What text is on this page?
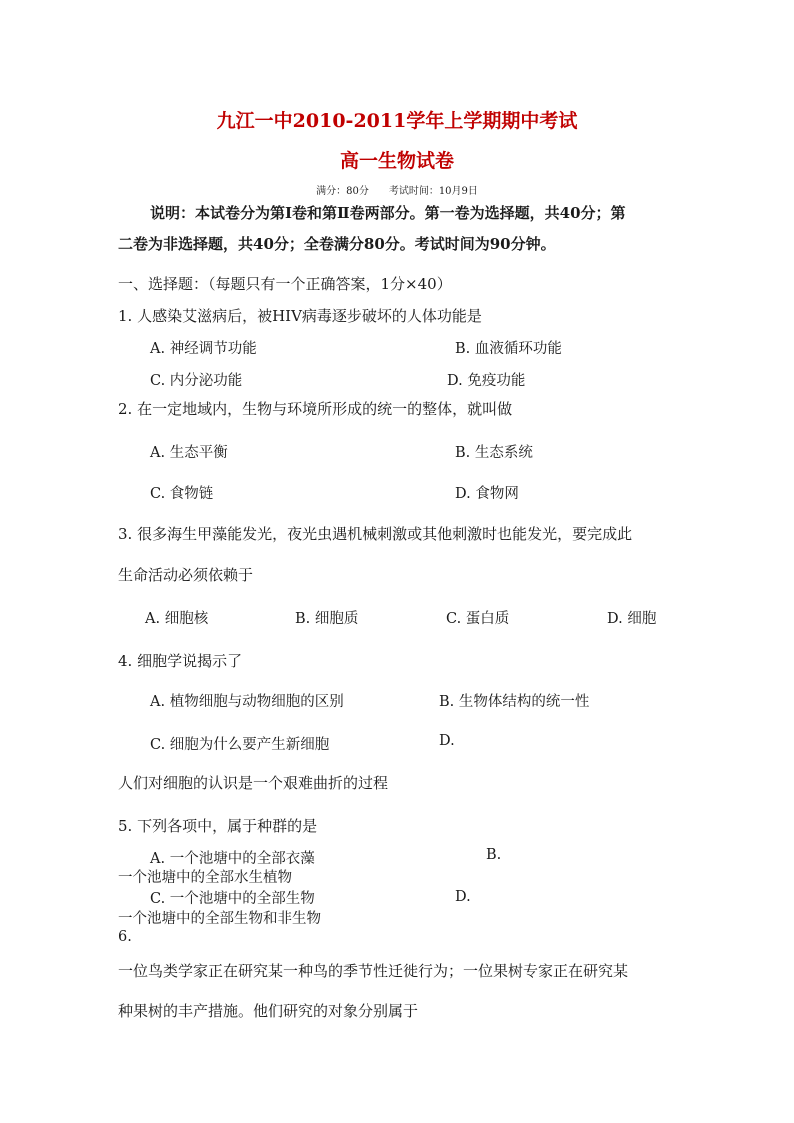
九江一中2010-2011学年上学期期中考试
高一生物试卷
满分：80分　　考试时间：10月9日
说明：本试卷分为第Ⅰ卷和第Ⅱ卷两部分。第一卷为选择题，共40分；第
二卷为非选择题，共40分；全卷满分80分。考试时间为90分钟。
一、选择题：（每题只有一个正确答案，1分×40）
1. 人感染艾滋病后，被HIV病毒逐步破坏的人体功能是
A. 神经调节功能	B. 血液循环功能
C. 内分泌功能	D. 免疫功能
2. 在一定地域内，生物与环境所形成的统一的整体，就叫做
A. 生态平衡	B. 生态系统
C. 食物链	D. 食物网
3. 很多海生甲藻能发光，夜光虫遇机械刺激或其他刺激时也能发光，要完成此
生命活动必须依赖于
A. 细胞核	B. 细胞质	C. 蛋白质	D. 细胞
4. 细胞学说揭示了
A. 植物细胞与动物细胞的区别	B. 生物体结构的统一性
C. 细胞为什么要产生新细胞	D.
人们对细胞的认识是一个艰难曲折的过程
5. 下列各项中，属于种群的是
A. 一个池塘中的全部衣藻	B.
一个池塘中的全部水生植物
C. 一个池塘中的全部生物	D.
一个池塘中的全部生物和非生物
6.
一位鸟类学家正在研究某一种鸟的季节性迁徙行为；一位果树专家正在研究某
种果树的丰产措施。他们研究的对象分别属于
